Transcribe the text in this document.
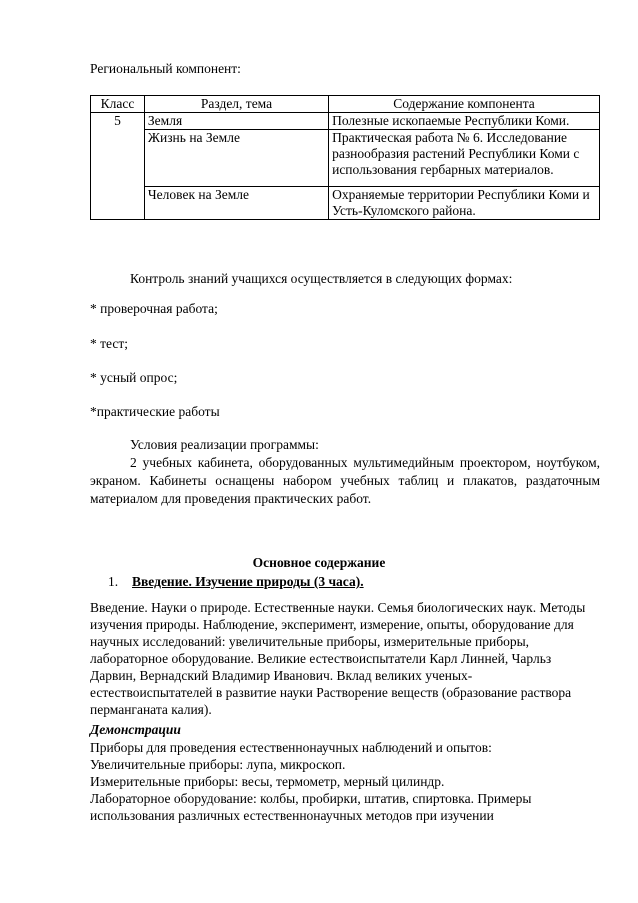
Региональный компонент:
Класс	Раздел, тема	Содержание компонента
5	Земля	Полезные ископаемые Республики Коми.
	Жизнь на Земле	Практическая работа № 6. Исследование разнообразия растений Республики Коми с использования гербарных материалов.
	Человек на Земле	Охраняемые территории Республики Коми и Усть-Куломского района.
Контроль знаний учащихся осуществляется в следующих формах:
* проверочная работа;
* тест;
* усный опрос;
*практические работы
Условия реализации программы:
2 учебных кабинета, оборудованных мультимедийным проектором, ноутбуком, экраном. Кабинеты оснащены набором учебных таблиц и плакатов, раздаточным материалом для проведения практических работ.
Основное содержание
1. Введение. Изучение природы (3 часа).
Введение. Науки о природе. Естественные науки. Семья биологических наук. Методы изучения природы. Наблюдение, эксперимент, измерение, опыты, оборудование для научных исследований: увеличительные приборы, измерительные приборы, лабораторное оборудование. Великие естествоиспытатели Карл Линней, Чарльз Дарвин, Вернадский Владимир Иванович. Вклад великих ученых-естествоиспытателей в развитие науки Растворение веществ (образование раствора перманганата калия).
Демонстрации
Приборы для проведения естественнонаучных наблюдений и опытов:
Увеличительные приборы: лупа, микроскоп.
Измерительные приборы: весы, термометр, мерный цилиндр.
Лабораторное оборудование: колбы, пробирки, штатив, спиртовка. Примеры использования различных естественнонаучных методов при изучении
